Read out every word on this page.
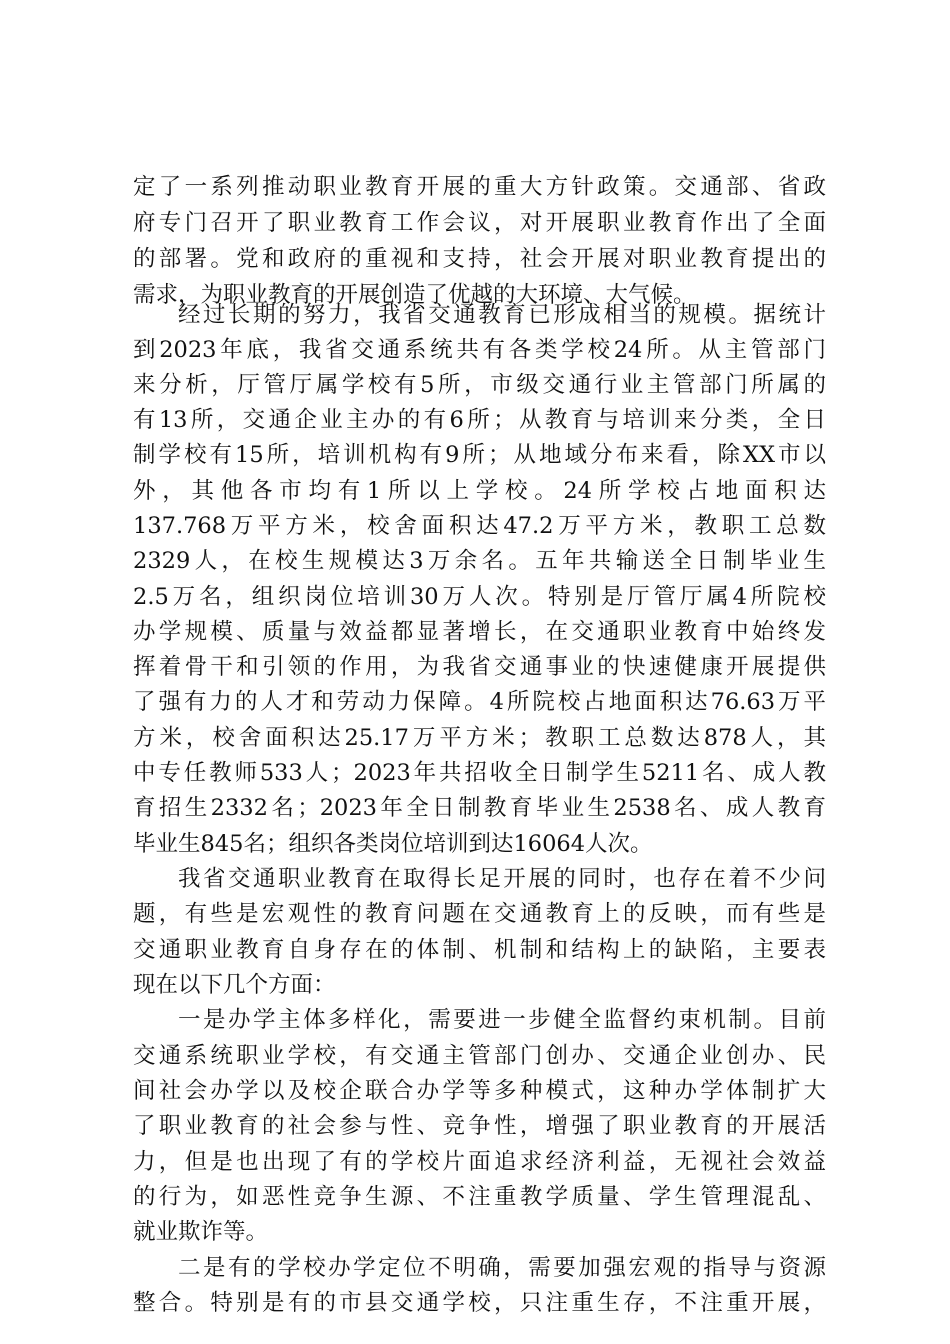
定了一系列推动职业教育开展的重大方针政策。交通部、省政
府专门召开了职业教育工作会议，对开展职业教育作出了全面
的部署。党和政府的重视和支持，社会开展对职业教育提出的
需求，为职业教育的开展创造了优越的大环境、大气候。
经过长期的努力，我省交通教育已形成相当的规模。据统计
到2023年底，我省交通系统共有各类学校24所。从主管部门
来分析，厅管厅属学校有5所，市级交通行业主管部门所属的
有13所，交通企业主办的有6所；从教育与培训来分类，全日
制学校有15所，培训机构有9所；从地域分布来看，除XX市以
外，其他各市均有1所以上学校。24所学校占地面积达
137.768万平方米，校舍面积达47.2万平方米，教职工总数
2329人，在校生规模达3万余名。五年共输送全日制毕业生
2.5万名，组织岗位培训30万人次。特别是厅管厅属4所院校
办学规模、质量与效益都显著增长，在交通职业教育中始终发
挥着骨干和引领的作用，为我省交通事业的快速健康开展提供
了强有力的人才和劳动力保障。4所院校占地面积达76.63万平
方米，校舍面积达25.17万平方米；教职工总数达878人，其
中专任教师533人；2023年共招收全日制学生5211名、成人教
育招生2332名；2023年全日制教育毕业生2538名、成人教育
毕业生845名；组织各类岗位培训到达16064人次。
我省交通职业教育在取得长足开展的同时，也存在着不少问
题，有些是宏观性的教育问题在交通教育上的反映，而有些是
交通职业教育自身存在的体制、机制和结构上的缺陷，主要表
现在以下几个方面：
一是办学主体多样化，需要进一步健全监督约束机制。目前
交通系统职业学校，有交通主管部门创办、交通企业创办、民
间社会办学以及校企联合办学等多种模式，这种办学体制扩大
了职业教育的社会参与性、竞争性，增强了职业教育的开展活
力，但是也出现了有的学校片面追求经济利益，无视社会效益
的行为，如恶性竞争生源、不注重教学质量、学生管理混乱、
就业欺诈等。
二是有的学校办学定位不明确，需要加强宏观的指导与资源
整合。特别是有的市县交通学校，只注重生存，不注重开展，
